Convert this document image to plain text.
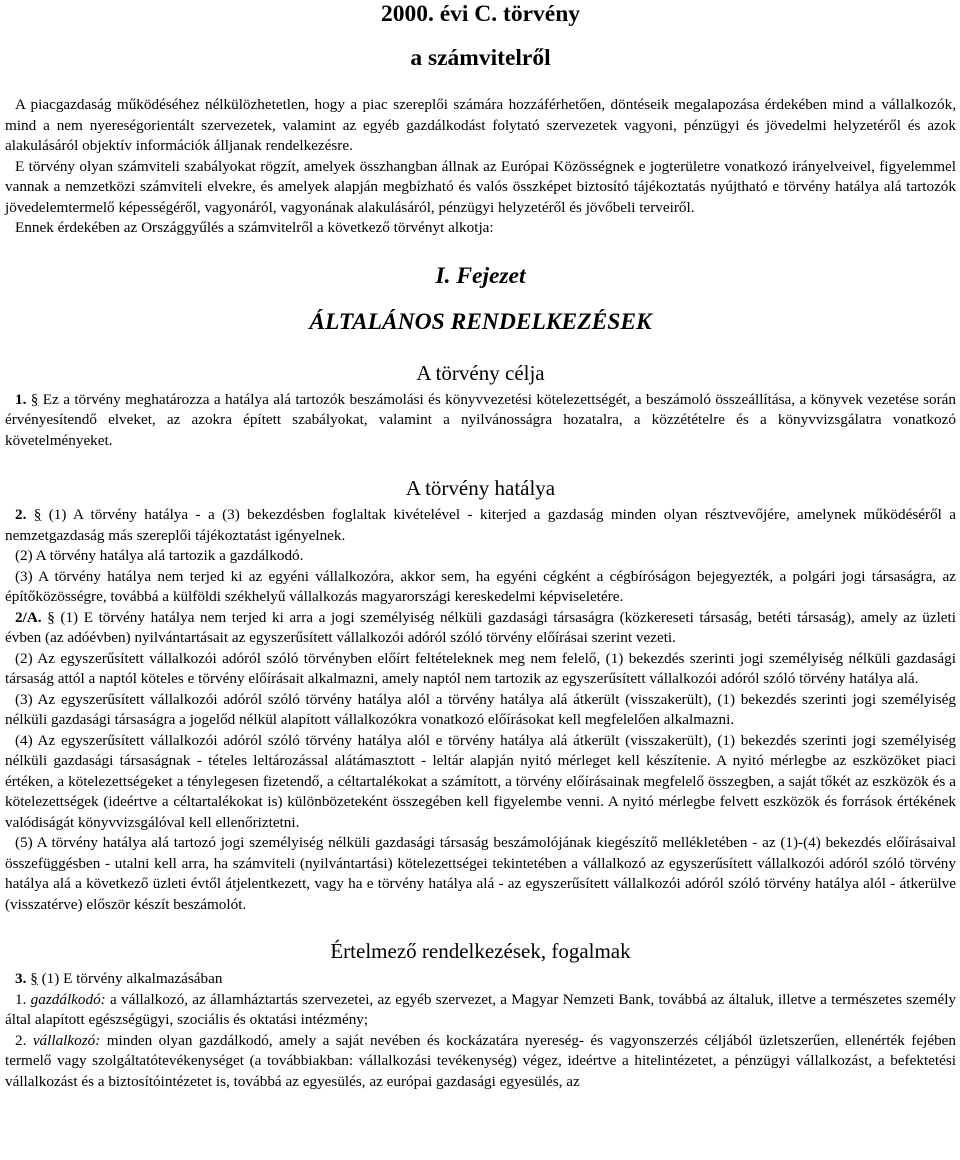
2000. évi C. törvény
a számvitelről

A piacgazdaság működéséhez nélkülözhetetlen, hogy a piac szereplői számára hozzáférhetően, döntéseik megalapozása érdekében mind a vállalkozók, mind a nem nyereségorientált szervezetek, valamint az egyéb gazdálkodást folytató szervezetek vagyoni, pénzügyi és jövedelmi helyzetéről és azok alakulásáról objektív információk álljanak rendelkezésre.

E törvény olyan számviteli szabályokat rögzít, amelyek összhangban állnak az Európai Közösségnek e jogterületre vonatkozó irányelveivel, figyelemmel vannak a nemzetközi számviteli elvekre, és amelyek alapján megbízható és valós összképet biztosító tájékoztatás nyújtható e törvény hatálya alá tartozók jövedelemtermelő képességéről, vagyonáról, vagyonának alakulásáról, pénzügyi helyzetéről és jövőbeli terveiről.

Ennek érdekében az Országgyűlés a számvitelről a következő törvényt alkotja:

I. Fejezet
ÁLTALÁNOS RENDELKEZÉSEK
A törvény célja

1. § Ez a törvény meghatározza a hatálya alá tartozók beszámolási és könyvvezetési kötelezettségét, a beszámoló összeállítása, a könyvek vezetése során érvényesítendő elveket, az azokra épített szabályokat, valamint a nyilvánosságra hozatalra, a közzétételre és a könyvvizsgálatra vonatkozó követelményeket.

A törvény hatálya

2. § (1) A törvény hatálya - a (3) bekezdésben foglaltak kivételével - kiterjed a gazdaság minden olyan résztvevőjére, amelynek működéséről a nemzetgazdaság más szereplői tájékoztatást igényelnek.

(2) A törvény hatálya alá tartozik a gazdálkodó.

(3) A törvény hatálya nem terjed ki az egyéni vállalkozóra, akkor sem, ha egyéni cégként a cégbíróságon bejegyezték, a polgári jogi társaságra, az építőközösségre, továbbá a külföldi székhelyű vállalkozás magyarországi kereskedelmi képviseletére.

2/A. § (1) E törvény hatálya nem terjed ki arra a jogi személyiség nélküli gazdasági társaságra (közkereseti társaság, betéti társaság), amely az üzleti évben (az adóévben) nyilvántartásait az egyszerűsített vállalkozói adóról szóló törvény előírásai szerint vezeti.

(2) Az egyszerűsített vállalkozói adóról szóló törvényben előírt feltételeknek meg nem felelő, (1) bekezdés szerinti jogi személyiség nélküli gazdasági társaság attól a naptól köteles e törvény előírásait alkalmazni, amely naptól nem tartozik az egyszerűsített vállalkozói adóról szóló törvény hatálya alá.

(3) Az egyszerűsített vállalkozói adóról szóló törvény hatálya alól a törvény hatálya alá átkerült (visszakerült), (1) bekezdés szerinti jogi személyiség nélküli gazdasági társaságra a jogelőd nélkül alapított vállalkozókra vonatkozó előírásokat kell megfelelően alkalmazni.

(4) Az egyszerűsített vállalkozói adóról szóló törvény hatálya alól e törvény hatálya alá átkerült (visszakerült), (1) bekezdés szerinti jogi személyiség nélküli gazdasági társaságnak - tételes leltározással alátámasztott - leltár alapján nyitó mérleget kell készítenie. A nyitó mérlegbe az eszközöket piaci értéken, a kötelezettségeket a ténylegesen fizetendő, a céltartalékokat a számított, a törvény előírásainak megfelelő összegben, a saját tőkét az eszközök és a kötelezettségek (ideértve a céltartalékokat is) különbözeteként összegében kell figyelembe venni. A nyitó mérlegbe felvett eszközök és források értékének valódiságát könyvvizsgálóval kell ellenőriztetni.

(5) A törvény hatálya alá tartozó jogi személyiség nélküli gazdasági társaság beszámolójának kiegészítő mellékletében - az (1)-(4) bekezdés előírásaival összefüggésben - utalni kell arra, ha számviteli (nyilvántartási) kötelezettségei tekintetében a vállalkozó az egyszerűsített vállalkozói adóról szóló törvény hatálya alá a következő üzleti évtől átjelentkezett, vagy ha e törvény hatálya alá - az egyszerűsített vállalkozói adóról szóló törvény hatálya alól - átkerülve (visszatérve) először készít beszámolót.

Értelmező rendelkezések, fogalmak

3. § (1) E törvény alkalmazásában

1. gazdálkodó: a vállalkozó, az államháztartás szervezetei, az egyéb szervezet, a Magyar Nemzeti Bank, továbbá az általuk, illetve a természetes személy által alapított egészségügyi, szociális és oktatási intézmény;

2. vállalkozó: minden olyan gazdálkodó, amely a saját nevében és kockázatára nyereség- és vagyonszerzés céljából üzletszerűen, ellenérték fejében termelő vagy szolgáltatótevékenységet (a továbbiakban: vállalkozási tevékenység) végez, ideértve a hitelintézetet, a pénzügyi vállalkozást, a befektetési vállalkozást és a biztosítóintézetet is, továbbá az egyesülés, az európai gazdasági egyesülés, az
